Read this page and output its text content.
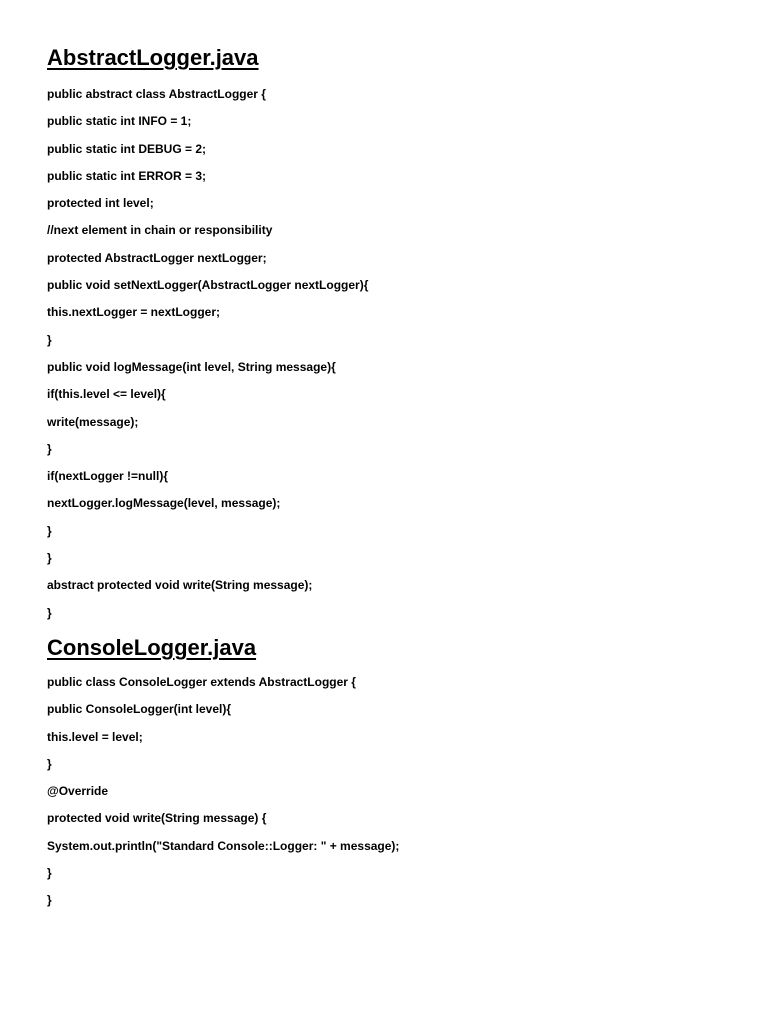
AbstractLogger.java
public abstract class AbstractLogger {
public static int INFO = 1;
public static int DEBUG = 2;
public static int ERROR = 3;
protected int level;
//next element in chain or responsibility
protected AbstractLogger nextLogger;
public void setNextLogger(AbstractLogger nextLogger){
this.nextLogger = nextLogger;
}
public void logMessage(int level, String message){
if(this.level <= level){
write(message);
}
if(nextLogger !=null){
nextLogger.logMessage(level, message);
}
}
abstract protected void write(String message);
}
ConsoleLogger.java
public class ConsoleLogger extends AbstractLogger {
public ConsoleLogger(int level){
this.level = level;
}
@Override
protected void write(String message) {
System.out.println("Standard Console::Logger: " + message);
}
}
